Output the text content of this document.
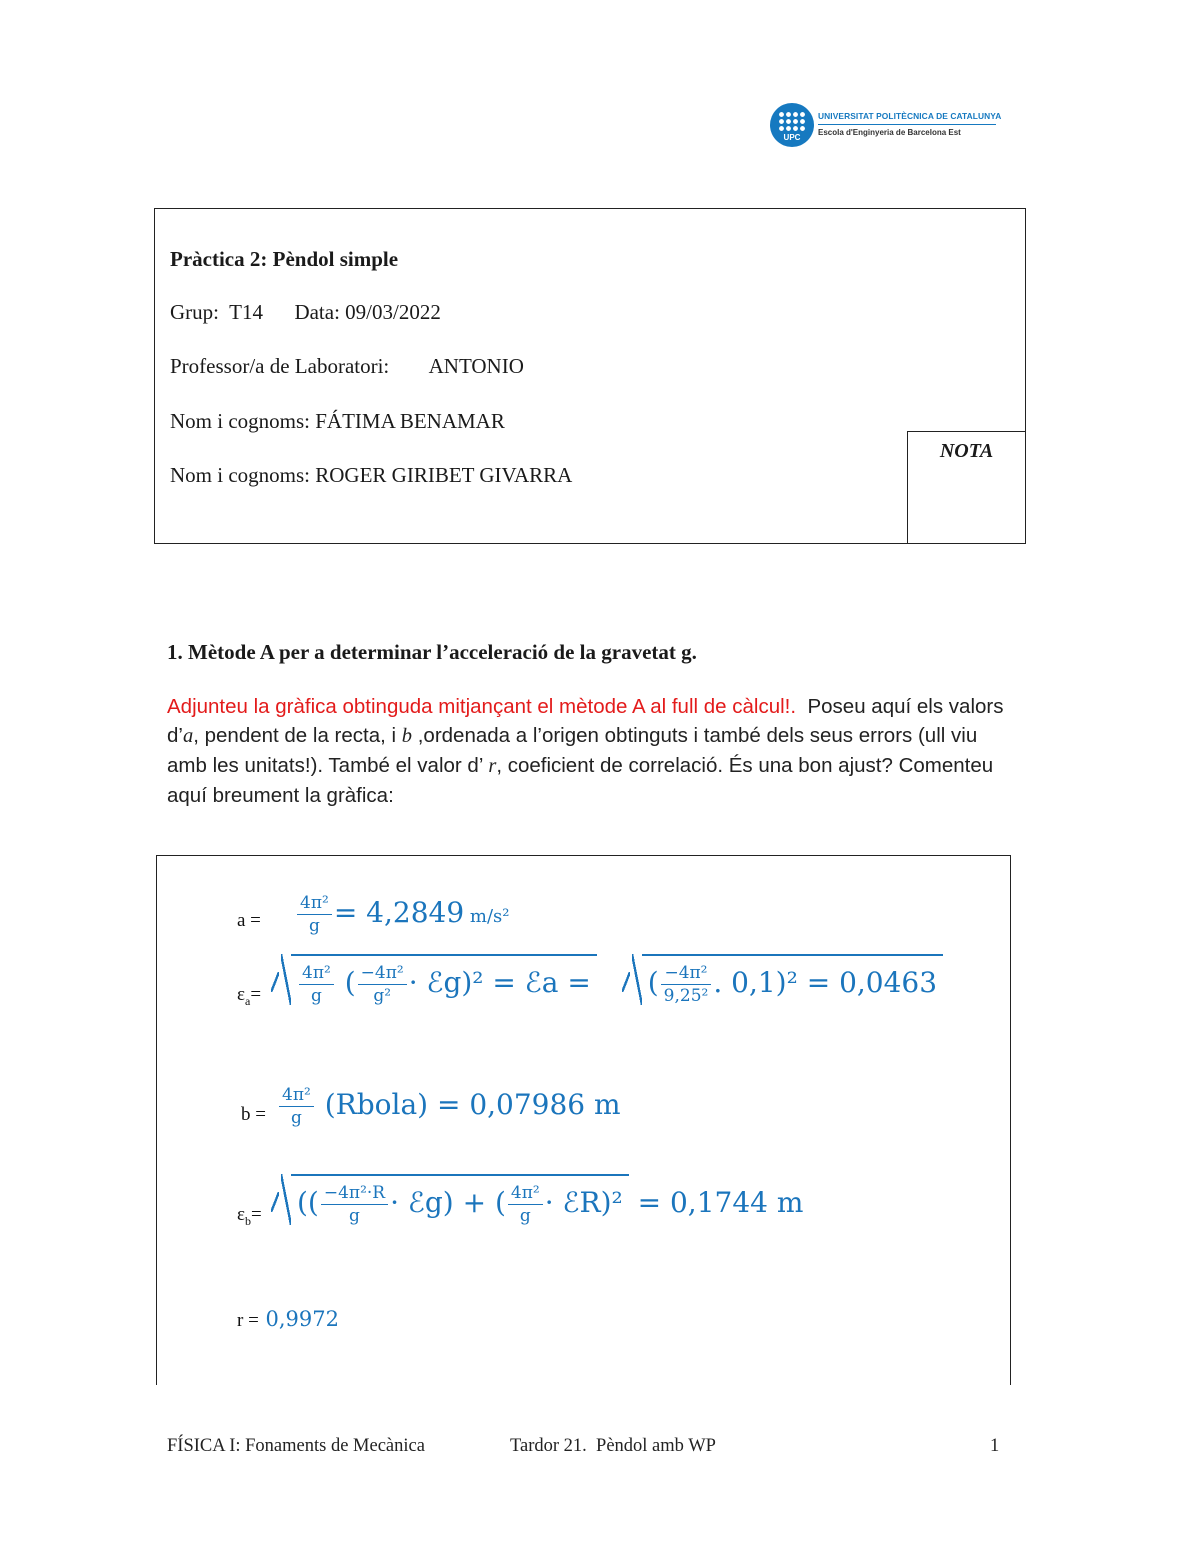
UPC
UNIVERSITAT POLITÈCNICA DE CATALUNYA
Escola d'Enginyeria de Barcelona Est
Pràctica 2: Pèndol simple
Grup:  T14      Data: 09/03/2022
Professor/a de Laboratori: ANTONIO
Nom i cognoms: FÁTIMA BENAMAR
Nom i cognoms: ROGER GIRIBET GIVARRA
NOTA
1. Mètode A per a determinar l’acceleració de la gravetat g.
Adjunteu la gràfica obtinguda mitjançant el mètode A al full de càlcul!.  Poseu aquí els valors d’a, pendent de la recta, i b ,ordenada a l’origen obtinguts i també dels seus errors (ull viu amb les unitats!). També el valor d’ r, coeficient de correlació. És una bon ajust? Comenteu aquí breument la gràfica:
$a = \frac{\text{4π²}}{g} = 4,2849$ m/s²
$\varepsilon_a= \frac{\text{4π²}}{g}$ ( $\frac{\text{−4π²}}{\text{g²}}$ · ℰg)² = ℰa = ( $\frac{\text{−4π²}}{\text{9,25²}}$ . 0,1)² = 0,0463
$b = \frac{\text{4π²}}{g}$ (Rbola) = 0,07986 m
$\varepsilon_b=$	(( $\frac{\text{−4π²·R}}{g}$ · ℰg) + ( $\frac{\text{4π²}}{g}$ · ℰR)² = 0,1744 m
r = 0,9972
FÍSICA I: Fonaments de Mecànica	Tardor 21.  Pèndol amb WP	1
